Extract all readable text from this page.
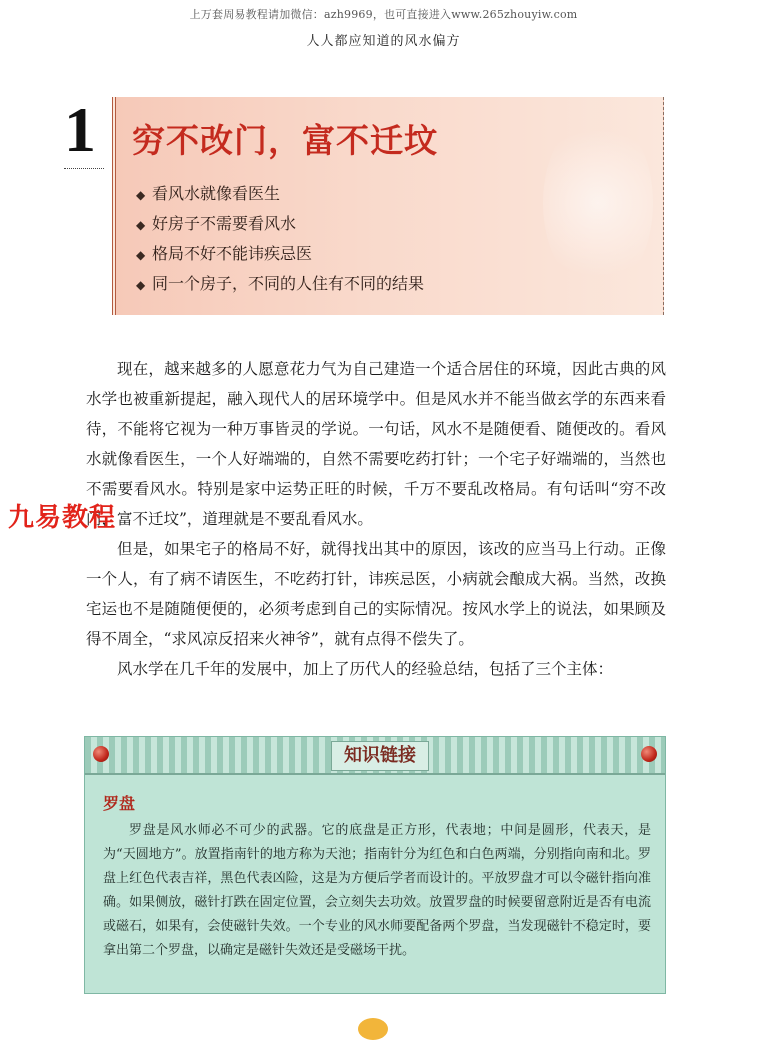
上万套周易教程请加微信：azh9969，也可直接进入www.265zhouyiw.com
人人都应知道的风水偏方
1 穷不改门，富不迁坟
◆ 看风水就像看医生
◆ 好房子不需要看风水
◆ 格局不好不能讳疾忌医
◆ 同一个房子，不同的人住有不同的结果

现在，越来越多的人愿意花力气为自己建造一个适合居住的环境，因此古典的风水学也被重新提起，融入现代人的居环境学中。但是风水并不能当做玄学的东西来看待，不能将它视为一种万事皆灵的学说。一句话，风水不是随便看、随便改的。看风水就像看医生，一个人好端端的，自然不需要吃药打针；一个宅子好端端的，当然也不需要看风水。特别是家中运势正旺的时候，千万不要乱改格局。有句话叫“穷不改门，富不迁坟”，道理就是不要乱看风水。

但是，如果宅子的格局不好，就得找出其中的原因，该改的应当马上行动。正像一个人，有了病不请医生，不吃药打针，讳疾忌医，小病就会酿成大祸。当然，改换宅运也不是随随便便的，必须考虑到自己的实际情况。按风水学上的说法，如果顾及得不周全，“求风凉反招来火神爷”，就有点得不偿失了。

风水学在几千年的发展中，加上了历代人的经验总结，包括了三个主体：

九易教程
知识链接
罗盘

罗盘是风水师必不可少的武器。它的底盘是正方形，代表地；中间是圆形，代表天，是为“天圆地方”。放置指南针的地方称为天池；指南针分为红色和白色两端，分别指向南和北。罗盘上红色代表吉祥，黑色代表凶险，这是为方便后学者而设计的。平放罗盘才可以令磁针指向准确。如果侧放，磁针打跌在固定位置，会立刻失去功效。放置罗盘的时候要留意附近是否有电流或磁石，如果有，会使磁针失效。一个专业的风水师要配备两个罗盘，当发现磁针不稳定时，要拿出第二个罗盘，以确定是磁针失效还是受磁场干扰。
